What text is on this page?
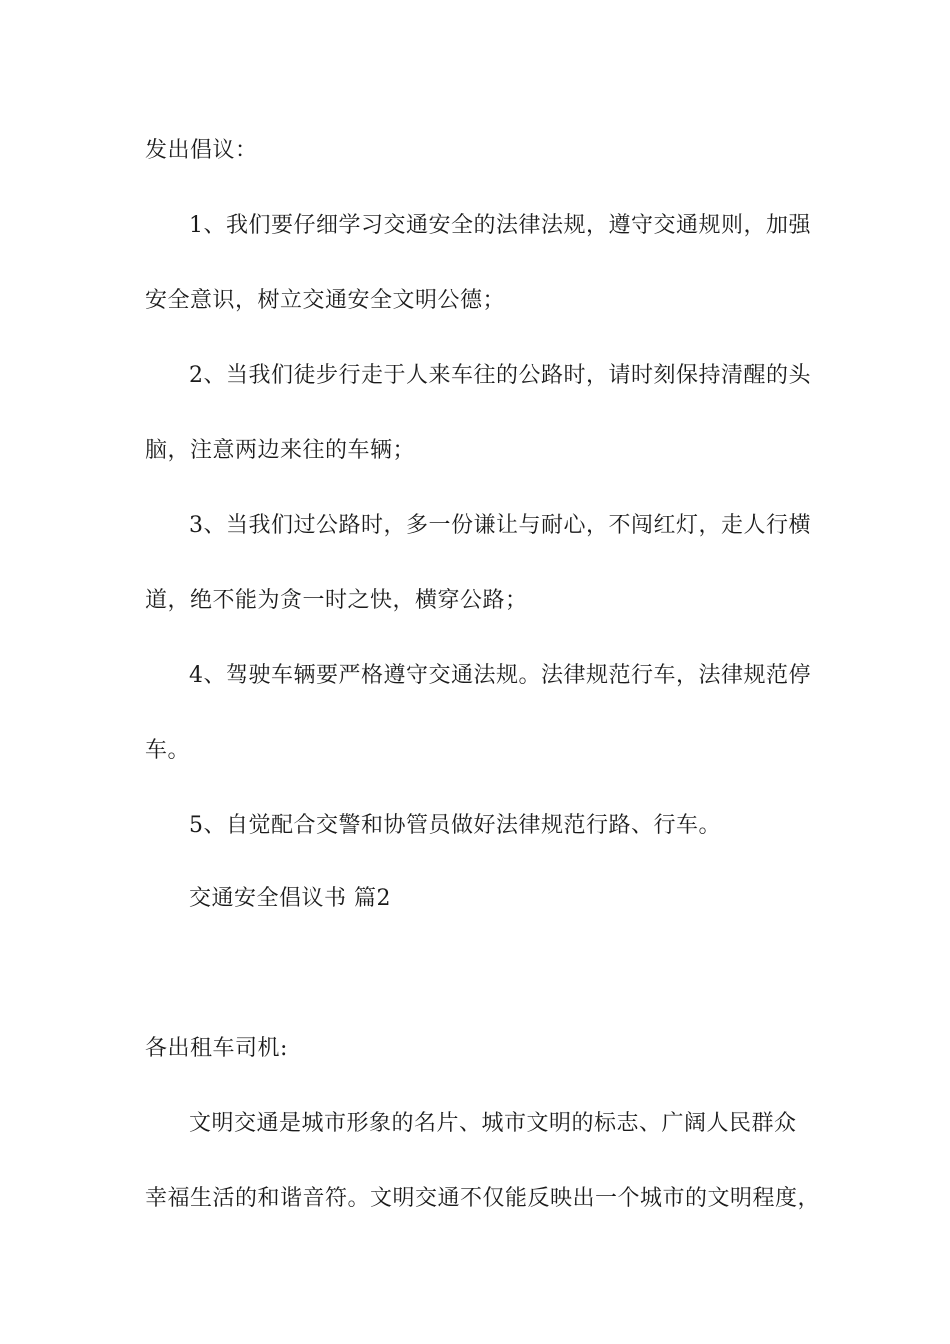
发出倡议：
1、我们要仔细学习交通安全的法律法规，遵守交通规则，加强
安全意识，树立交通安全文明公德；
2、当我们徒步行走于人来车往的公路时，请时刻保持清醒的头
脑，注意两边来往的车辆；
3、当我们过公路时，多一份谦让与耐心，不闯红灯，走人行横
道，绝不能为贪一时之快，横穿公路；
4、驾驶车辆要严格遵守交通法规。法律规范行车，法律规范停
车。
5、自觉配合交警和协管员做好法律规范行路、行车。
交通安全倡议书 篇2
各出租车司机:
文明交通是城市形象的名片、城市文明的标志、广阔人民群众
幸福生活的和谐音符。文明交通不仅能反映出一个城市的文明程度，
